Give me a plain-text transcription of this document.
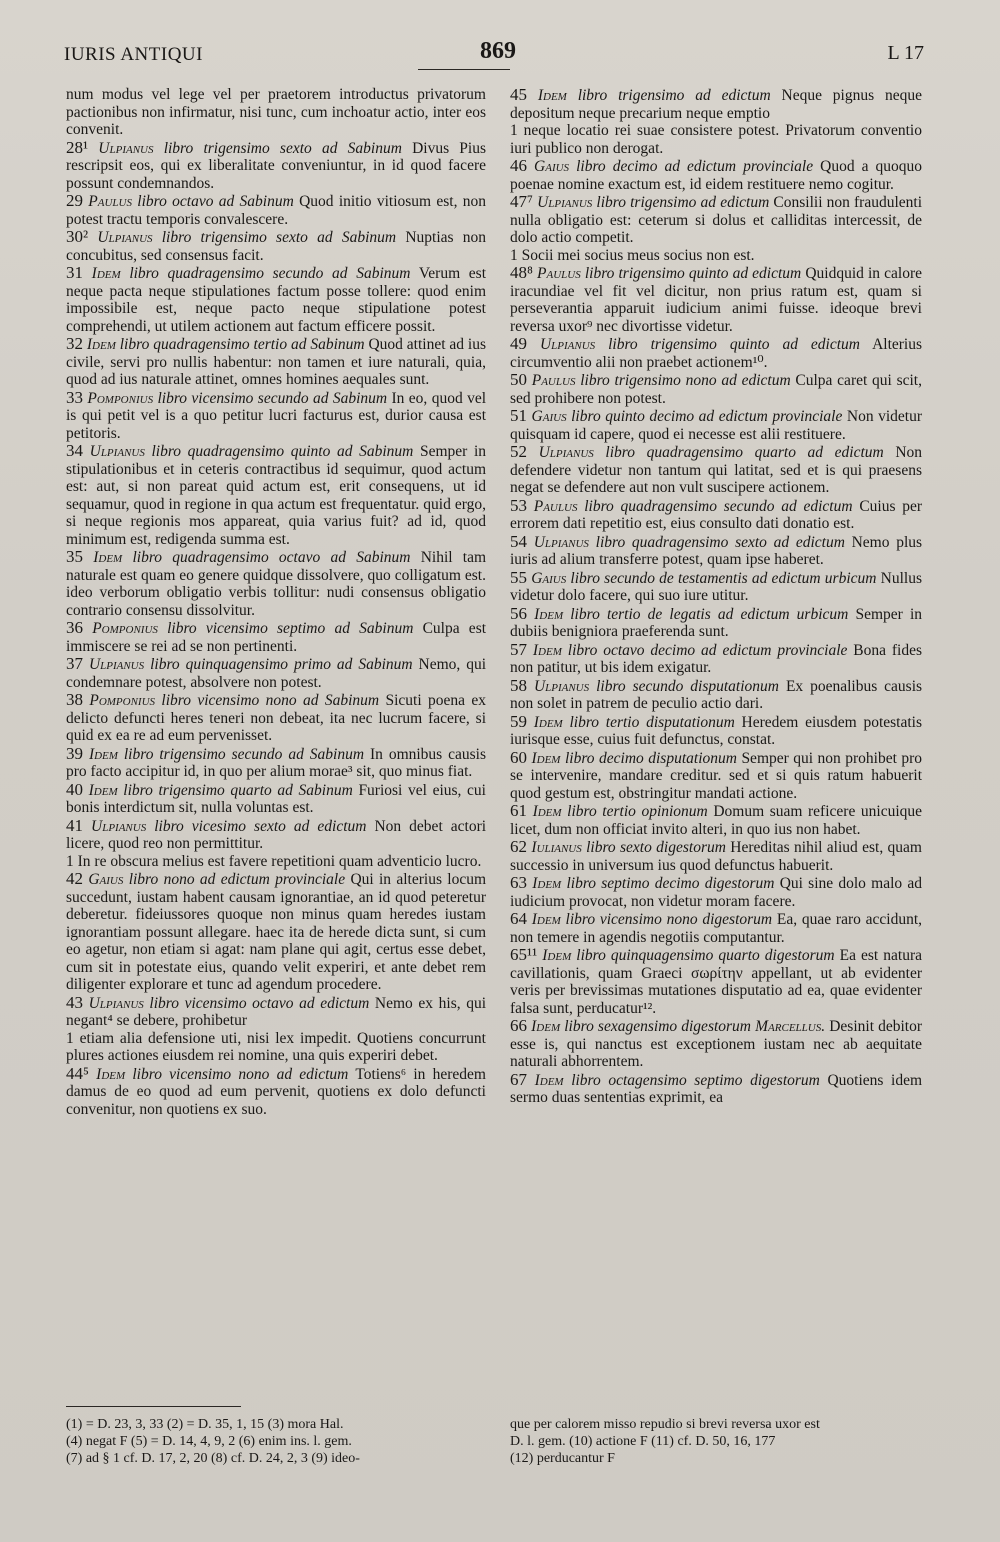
IURIS ANTIQUI	869	L 17

num modus vel lege vel per praetorem introductus privatorum pactionibus non infirmatur, nisi tunc, cum inchoatur actio, inter eos convenit.

28¹ Ulpianus libro trigensimo sexto ad Sabinum Divus Pius rescripsit eos, qui ex liberalitate conveniuntur, in id quod facere possunt condemnandos.

29 Paulus libro octavo ad Sabinum Quod initio vitiosum est, non potest tractu temporis convalescere.

30² Ulpianus libro trigensimo sexto ad Sabinum Nuptias non concubitus, sed consensus facit.

31 Idem libro quadragensimo secundo ad Sabinum Verum est neque pacta neque stipulationes factum posse tollere: quod enim impossibile est, neque pacto neque stipulatione potest comprehendi, ut utilem actionem aut factum efficere possit.

32 Idem libro quadragensimo tertio ad Sabinum Quod attinet ad ius civile, servi pro nullis habentur: non tamen et iure naturali, quia, quod ad ius naturale attinet, omnes homines aequales sunt.

33 Pomponius libro vicensimo secundo ad Sabinum In eo, quod vel is qui petit vel is a quo petitur lucri facturus est, durior causa est petitoris.

34 Ulpianus libro quadragensimo quinto ad Sabinum Semper in stipulationibus et in ceteris contractibus id sequimur, quod actum est: aut, si non pareat quid actum est, erit consequens, ut id sequamur, quod in regione in qua actum est frequentatur. quid ergo, si neque regionis mos appareat, quia varius fuit? ad id, quod minimum est, redigenda summa est.

35 Idem libro quadragensimo octavo ad Sabinum Nihil tam naturale est quam eo genere quidque dissolvere, quo colligatum est. ideo verborum obligatio verbis tollitur: nudi consensus obligatio contrario consensu dissolvitur.

36 Pomponius libro vicensimo septimo ad Sabinum Culpa est immiscere se rei ad se non pertinenti.

37 Ulpianus libro quinquagensimo primo ad Sabinum Nemo, qui condemnare potest, absolvere non potest.

38 Pomponius libro vicensimo nono ad Sabinum Sicuti poena ex delicto defuncti heres teneri non debeat, ita nec lucrum facere, si quid ex ea re ad eum pervenisset.

39 Idem libro trigensimo secundo ad Sabinum In omnibus causis pro facto accipitur id, in quo per alium morae³ sit, quo minus fiat.

40 Idem libro trigensimo quarto ad Sabinum Furiosi vel eius, cui bonis interdictum sit, nulla voluntas est.

41 Ulpianus libro vicesimo sexto ad edictum Non debet actori licere, quod reo non permittitur.

1 In re obscura melius est favere repetitioni quam adventicio lucro.

42 Gaius libro nono ad edictum provinciale Qui in alterius locum succedunt, iustam habent causam ignorantiae, an id quod peteretur deberetur. fideiussores quoque non minus quam heredes iustam ignorantiam possunt allegare. haec ita de herede dicta sunt, si cum eo agetur, non etiam si agat: nam plane qui agit, certus esse debet, cum sit in potestate eius, quando velit experiri, et ante debet rem diligenter explorare et tunc ad agendum procedere.

43 Ulpianus libro vicensimo octavo ad edictum Nemo ex his, qui negant⁴ se debere, prohibetur

1 etiam alia defensione uti, nisi lex impedit. Quotiens concurrunt plures actiones eiusdem rei nomine, una quis experiri debet.

44⁵ Idem libro vicensimo nono ad edictum Totiens⁶ in heredem damus de eo quod ad eum pervenit, quotiens ex dolo defuncti convenitur, non quotiens ex suo.

45 Idem libro trigensimo ad edictum Neque pignus neque depositum neque precarium neque emptio

1 neque locatio rei suae consistere potest. Privatorum conventio iuri publico non derogat.

46 Gaius libro decimo ad edictum provinciale Quod a quoquo poenae nomine exactum est, id eidem restituere nemo cogitur.

47⁷ Ulpianus libro trigensimo ad edictum Consilii non fraudulenti nulla obligatio est: ceterum si dolus et calliditas intercessit, de dolo actio competit.

1 Socii mei socius meus socius non est.

48⁸ Paulus libro trigensimo quinto ad edictum Quidquid in calore iracundiae vel fit vel dicitur, non prius ratum est, quam si perseverantia apparuit iudicium animi fuisse. ideoque brevi reversa uxor⁹ nec divortisse videtur.

49 Ulpianus libro trigensimo quinto ad edictum Alterius circumventio alii non praebet actionem¹⁰.

50 Paulus libro trigensimo nono ad edictum Culpa caret qui scit, sed prohibere non potest.

51 Gaius libro quinto decimo ad edictum provinciale Non videtur quisquam id capere, quod ei necesse est alii restituere.

52 Ulpianus libro quadragensimo quarto ad edictum Non defendere videtur non tantum qui latitat, sed et is qui praesens negat se defendere aut non vult suscipere actionem.

53 Paulus libro quadragensimo secundo ad edictum Cuius per errorem dati repetitio est, eius consulto dati donatio est.

54 Ulpianus libro quadragensimo sexto ad edictum Nemo plus iuris ad alium transferre potest, quam ipse haberet.

55 Gaius libro secundo de testamentis ad edictum urbicum Nullus videtur dolo facere, qui suo iure utitur.

56 Idem libro tertio de legatis ad edictum urbicum Semper in dubiis benigniora praeferenda sunt.

57 Idem libro octavo decimo ad edictum provinciale Bona fides non patitur, ut bis idem exigatur.

58 Ulpianus libro secundo disputationum Ex poenalibus causis non solet in patrem de peculio actio dari.

59 Idem libro tertio disputationum Heredem eiusdem potestatis iurisque esse, cuius fuit defunctus, constat.

60 Idem libro decimo disputationum Semper qui non prohibet pro se intervenire, mandare creditur. sed et si quis ratum habuerit quod gestum est, obstringitur mandati actione.

61 Idem libro tertio opinionum Domum suam reficere unicuique licet, dum non officiat invito alteri, in quo ius non habet.

62 Iulianus libro sexto digestorum Hereditas nihil aliud est, quam successio in universum ius quod defunctus habuerit.

63 Idem libro septimo decimo digestorum Qui sine dolo malo ad iudicium provocat, non videtur moram facere.

64 Idem libro vicensimo nono digestorum Ea, quae raro accidunt, non temere in agendis negotiis computantur.

65¹¹ Idem libro quinquagensimo quarto digestorum Ea est natura cavillationis, quam Graeci σωρίτην appellant, ut ab evidenter veris per brevissimas mutationes disputatio ad ea, quae evidenter falsa sunt, perducatur¹².

66 Idem libro sexagensimo digestorum Marcellus. Desinit debitor esse is, qui nanctus est exceptionem iustam nec ab aequitate naturali abhorrentem.

67 Idem libro octagensimo septimo digestorum Quotiens idem sermo duas sententias exprimit, ea

(1) = D. 23, 3, 33 (2) = D. 35, 1, 15 (3) mora Hal.

(4) negat F (5) = D. 14, 4, 9, 2 (6) enim ins. l. gem.

(7) ad § 1 cf. D. 17, 2, 20 (8) cf. D. 24, 2, 3 (9) ideo-

que per calorem misso repudio si brevi reversa uxor est

D. l. gem. (10) actione F (11) cf. D. 50, 16, 177

(12) perducantur F
